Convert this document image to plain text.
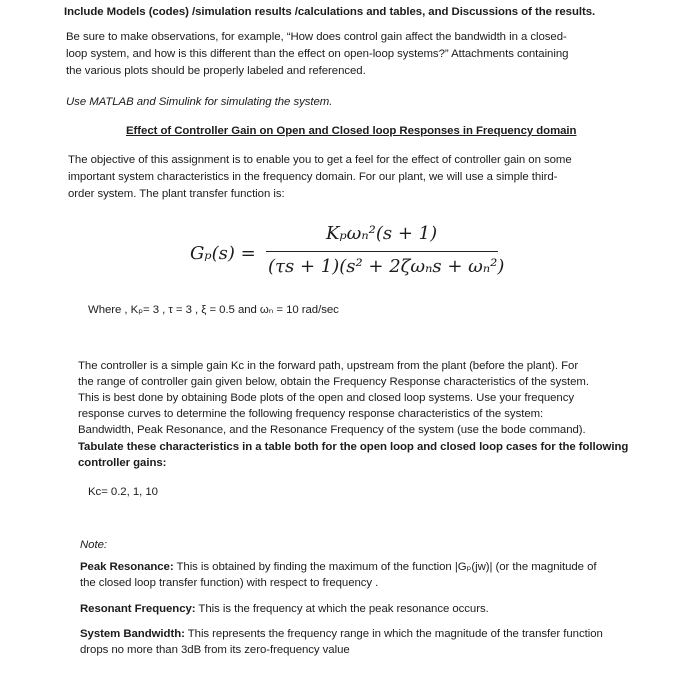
Include Models (codes) /simulation results /calculations and tables, and Discussions of the results.

Be sure to make observations, for example, “How does control gain affect the bandwidth in a closed-

loop system, and how is this different than the effect on open-loop systems?” Attachments containing

the various plots should be properly labeled and referenced.

Use MATLAB and Simulink for simulating the system.

Effect of Controller Gain on Open and Closed loop Responses in Frequency domain

The objective of this assignment is to enable you to get a feel for the effect of controller gain on some

important system characteristics in the frequency domain. For our plant, we will use a simple third-

order system. The plant transfer function is:

Gₚ(s) =
Kₚωₙ²(s + 1)
(τs + 1)(s² + 2ζωₙs + ωₙ²)

Where , Kₚ= 3 , τ = 3 , ξ = 0.5 and ωₙ = 10 rad/sec

The controller is a simple gain Kc in the forward path, upstream from the plant (before the plant). For

the range of controller gain given below, obtain the Frequency Response characteristics of the system.

This is best done by obtaining Bode plots of the open and closed loop systems. Use your frequency

response curves to determine the following frequency response characteristics of the system:

Bandwidth, Peak Resonance, and the Resonance Frequency of the system (use the bode command).

Tabulate these characteristics in a table both for the open loop and closed loop cases for the following

controller gains:

Kc= 0.2, 1, 10

Note:

Peak Resonance: This is obtained by finding the maximum of the function |Gₚ(jw)| (or the magnitude of

the closed loop transfer function) with respect to frequency .

Resonant Frequency: This is the frequency at which the peak resonance occurs.

System Bandwidth: This represents the frequency range in which the magnitude of the transfer function

drops no more than 3dB from its zero-frequency value
